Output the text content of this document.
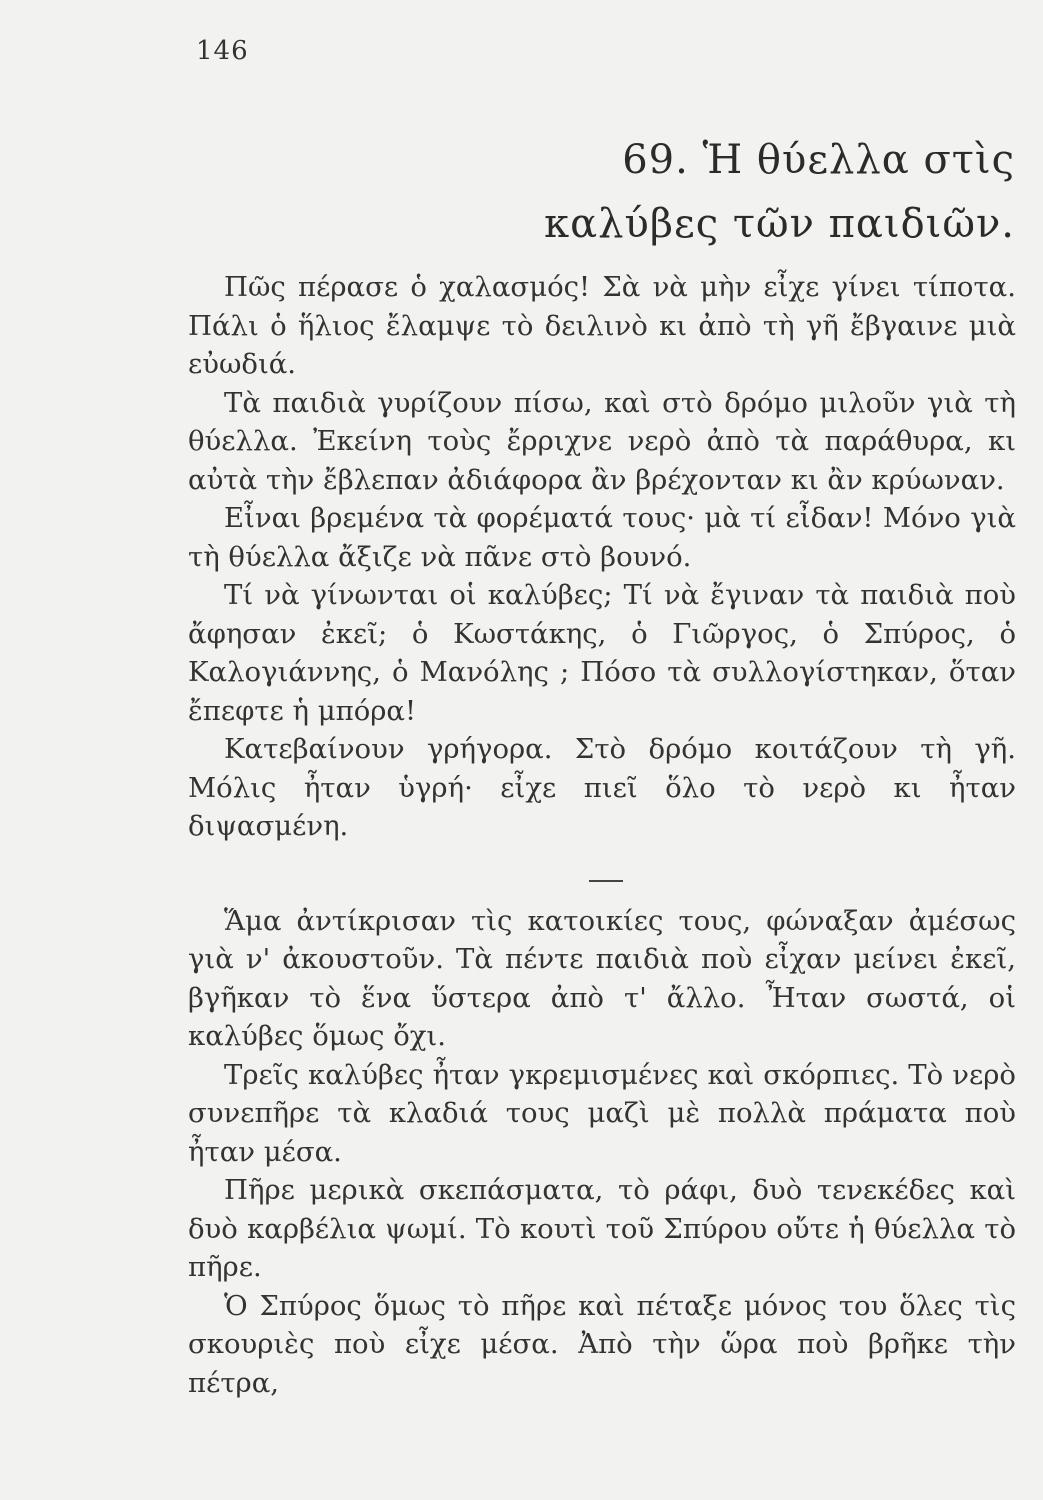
146
69. Ἡ θύελλα στὶς
καλύβες τῶν παιδιῶν.

Πῶς πέρασε ὁ χαλασμός! Σὰ νὰ μὴν εἶχε γίνει τίποτα. Πάλι ὁ ἥλιος ἔλαμψε τὸ δειλινὸ κι ἀπὸ τὴ γῆ ἔβγαινε μιὰ εὐωδιά.

Τὰ παιδιὰ γυρίζουν πίσω, καὶ στὸ δρόμο μιλοῦν γιὰ τὴ θύελλα. Ἐκείνη τοὺς ἔρριχνε νερὸ ἀπὸ τὰ παράθυρα, κι αὐτὰ τὴν ἔβλεπαν ἀδιάφορα ἂν βρέχονταν κι ἂν κρύωναν.

Εἶναι βρεμένα τὰ φορέματά τους· μὰ τί εἶδαν! Μόνο γιὰ τὴ θύελλα ἄξιζε νὰ πᾶνε στὸ βουνό.

Τί νὰ γίνωνται οἱ καλύβες; Τί νὰ ἔγιναν τὰ παιδιὰ ποὺ ἄφησαν ἐκεῖ; ὁ Κωστάκης, ὁ Γιῶργος, ὁ Σπύρος, ὁ Καλογιάννης, ὁ Μανόλης ; Πόσο τὰ συλλογίστηκαν, ὅταν ἔπεφτε ἡ μπόρα!

Κατεβαίνουν γρήγορα. Στὸ δρόμο κοιτάζουν τὴ γῆ. Μόλις ἦταν ὑγρή· εἶχε πιεῖ ὅλο τὸ νερὸ κι ἦταν διψασμένη.

Ἅμα ἀντίκρισαν τὶς κατοικίες τους, φώναξαν ἀμέσως γιὰ ν' ἀκουστοῦν. Τὰ πέντε παιδιὰ ποὺ εἶχαν μείνει ἐκεῖ, βγῆκαν τὸ ἕνα ὕστερα ἀπὸ τ' ἄλλο. Ἦταν σωστά, οἱ καλύβες ὅμως ὄχι.

Τρεῖς καλύβες ἦταν γκρεμισμένες καὶ σκόρπιες. Τὸ νερὸ συνεπῆρε τὰ κλαδιά τους μαζὶ μὲ πολλὰ πράματα ποὺ ἦταν μέσα.

Πῆρε μερικὰ σκεπάσματα, τὸ ράφι, δυὸ τενεκέδες καὶ δυὸ καρβέλια ψωμί. Τὸ κουτὶ τοῦ Σπύρου οὔτε ἡ θύελλα τὸ πῆρε.

Ὁ Σπύρος ὅμως τὸ πῆρε καὶ πέταξε μόνος του ὅλες τὶς σκουριὲς ποὺ εἶχε μέσα. Ἀπὸ τὴν ὥρα ποὺ βρῆκε τὴν πέτρα,
